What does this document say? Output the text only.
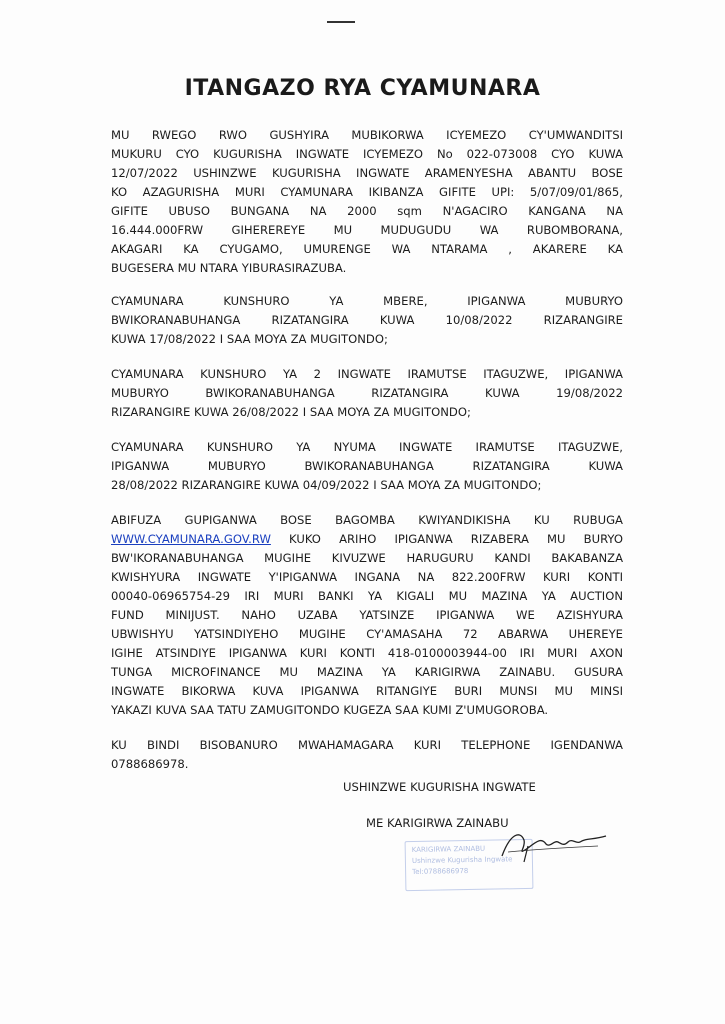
ITANGAZO RYA CYAMUNARA

MU RWEGO RWO GUSHYIRA MUBIKORWA ICYEMEZO CY'UMWANDITSI
MUKURU CYO KUGURISHA INGWATE ICYEMEZO No 022-073008 CYO KUWA
12/07/2022 USHINZWE KUGURISHA INGWATE ARAMENYESHA ABANTU BOSE
KO AZAGURISHA MURI CYAMUNARA IKIBANZA GIFITE UPI: 5/07/09/01/865,
GIFITE UBUSO BUNGANA NA 2000 sqm N'AGACIRO KANGANA NA
16.444.000FRW GIHEREREYE MU MUDUGUDU WA RUBOMBORANA,
AKAGARI KA CYUGAMO, UMURENGE WA NTARAMA , AKARERE KA
BUGESERA MU NTARA YIBURASIRAZUBA.

CYAMUNARA KUNSHURO YA MBERE, IPIGANWA MUBURYO
BWIKORANABUHANGA RIZATANGIRA KUWA 10/08/2022 RIZARANGIRE
KUWA 17/08/2022 I SAA MOYA ZA MUGITONDO;

CYAMUNARA KUNSHURO YA 2 INGWATE IRAMUTSE ITAGUZWE, IPIGANWA
MUBURYO BWIKORANABUHANGA RIZATANGIRA KUWA 19/08/2022
RIZARANGIRE KUWA 26/08/2022 I SAA MOYA ZA MUGITONDO;

CYAMUNARA KUNSHURO YA NYUMA INGWATE IRAMUTSE ITAGUZWE,
IPIGANWA MUBURYO BWIKORANABUHANGA RIZATANGIRA KUWA
28/08/2022 RIZARANGIRE KUWA 04/09/2022 I SAA MOYA ZA MUGITONDO;

ABIFUZA GUPIGANWA BOSE BAGOMBA KWIYANDIKISHA KU RUBUGA
WWW.CYAMUNARA.GOV.RW KUKO ARIHO IPIGANWA RIZABERA MU BURYO
BW'IKORANABUHANGA MUGIHE KIVUZWE HARUGURU KANDI BAKABANZA
KWISHYURA INGWATE Y'IPIGANWA INGANA NA 822.200FRW KURI KONTI
00040-06965754-29 IRI MURI BANKI YA KIGALI MU MAZINA YA AUCTION
FUND MINIJUST. NAHO UZABA YATSINZE IPIGANWA WE AZISHYURA
UBWISHYU YATSINDIYEHO MUGIHE CY'AMASAHA 72 ABARWA UHEREYE
IGIHE ATSINDIYE IPIGANWA KURI KONTI 418-0100003944-00 IRI MURI AXON
TUNGA MICROFINANCE MU MAZINA YA KARIGIRWA ZAINABU. GUSURA
INGWATE BIKORWA KUVA IPIGANWA RITANGIYE BURI MUNSI MU MINSI
YAKAZI KUVA SAA TATU ZAMUGITONDO KUGEZA SAA KUMI Z'UMUGOROBA.

KU BINDI BISOBANURO MWAHAMAGARA KURI TELEPHONE IGENDANWA
0788686978.

USHINZWE KUGURISHA INGWATE

ME KARIGIRWA ZAINABU
KARIGIRWA ZAINABU
Ushinzwe Kugurisha Ingwate
Tel:0788686978
